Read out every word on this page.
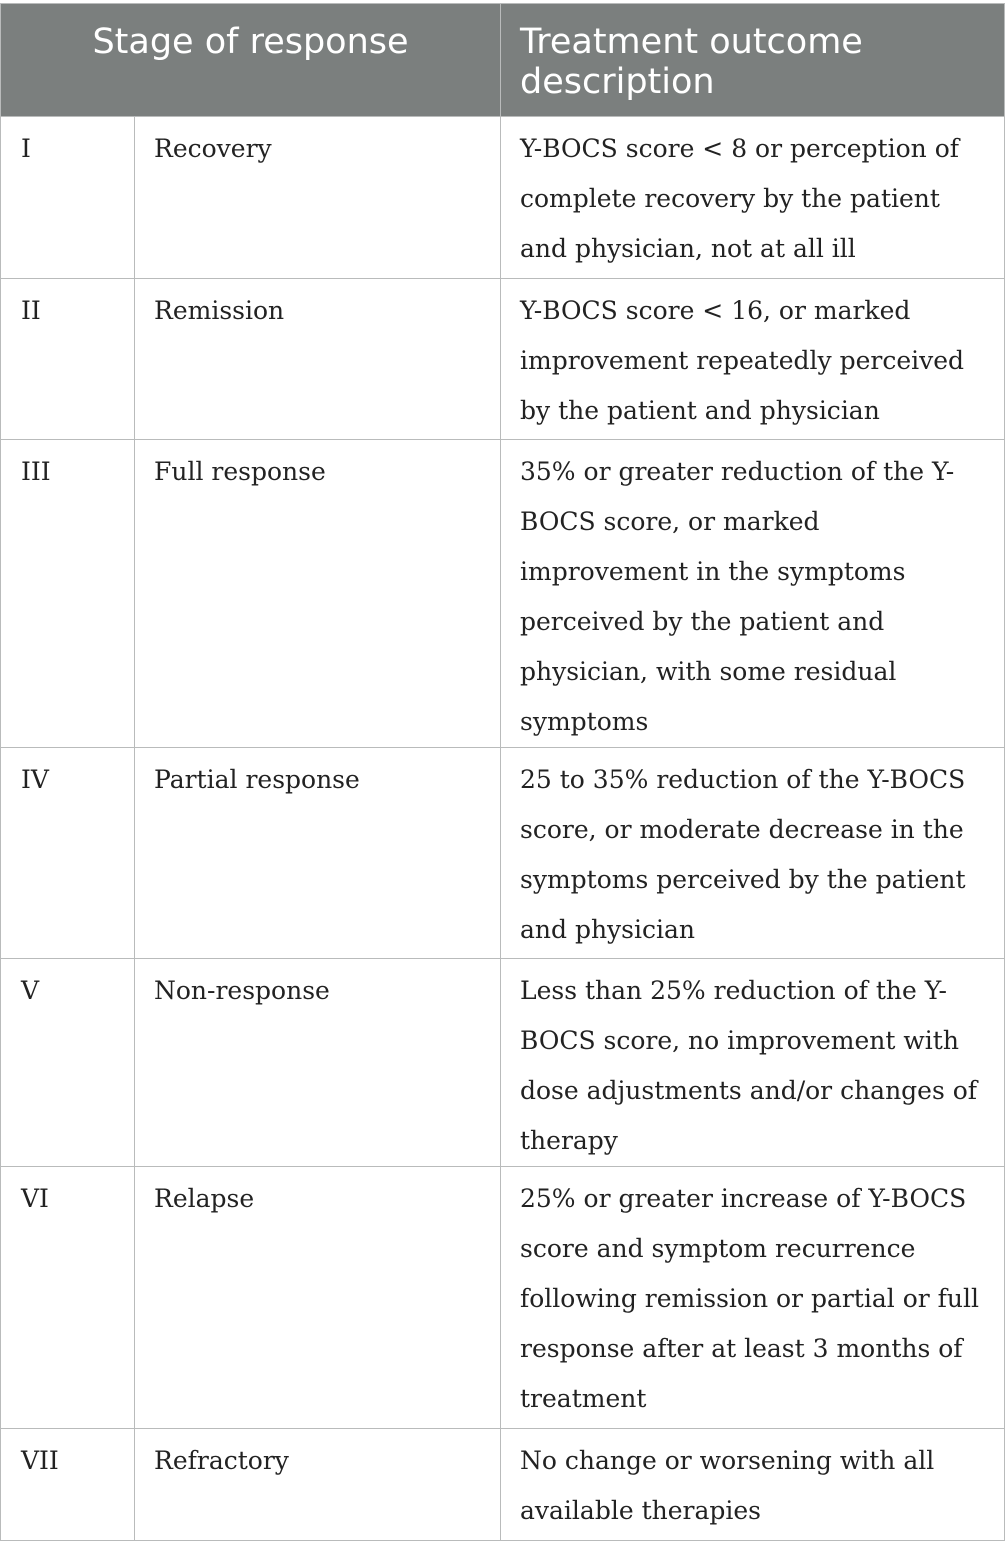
Stage of response		Treatment outcome description
I	Recovery	Y-BOCS score < 8 or perception of complete recovery by the patient and physician, not at all ill
II	Remission	Y-BOCS score < 16, or marked improvement repeatedly perceived by the patient and physician
III	Full response	35% or greater reduction of the Y-BOCS score, or marked improvement in the symptoms perceived by the patient and physician, with some residual symptoms
IV	Partial response	25 to 35% reduction of the Y-BOCS score, or moderate decrease in the symptoms perceived by the patient and physician
V	Non-response	Less than 25% reduction of the Y-BOCS score, no improvement with dose adjustments and/or changes of therapy
VI	Relapse	25% or greater increase of Y-BOCS score and symptom recurrence following remission or partial or full response after at least 3 months of treatment
VII	Refractory	No change or worsening with all available therapies
